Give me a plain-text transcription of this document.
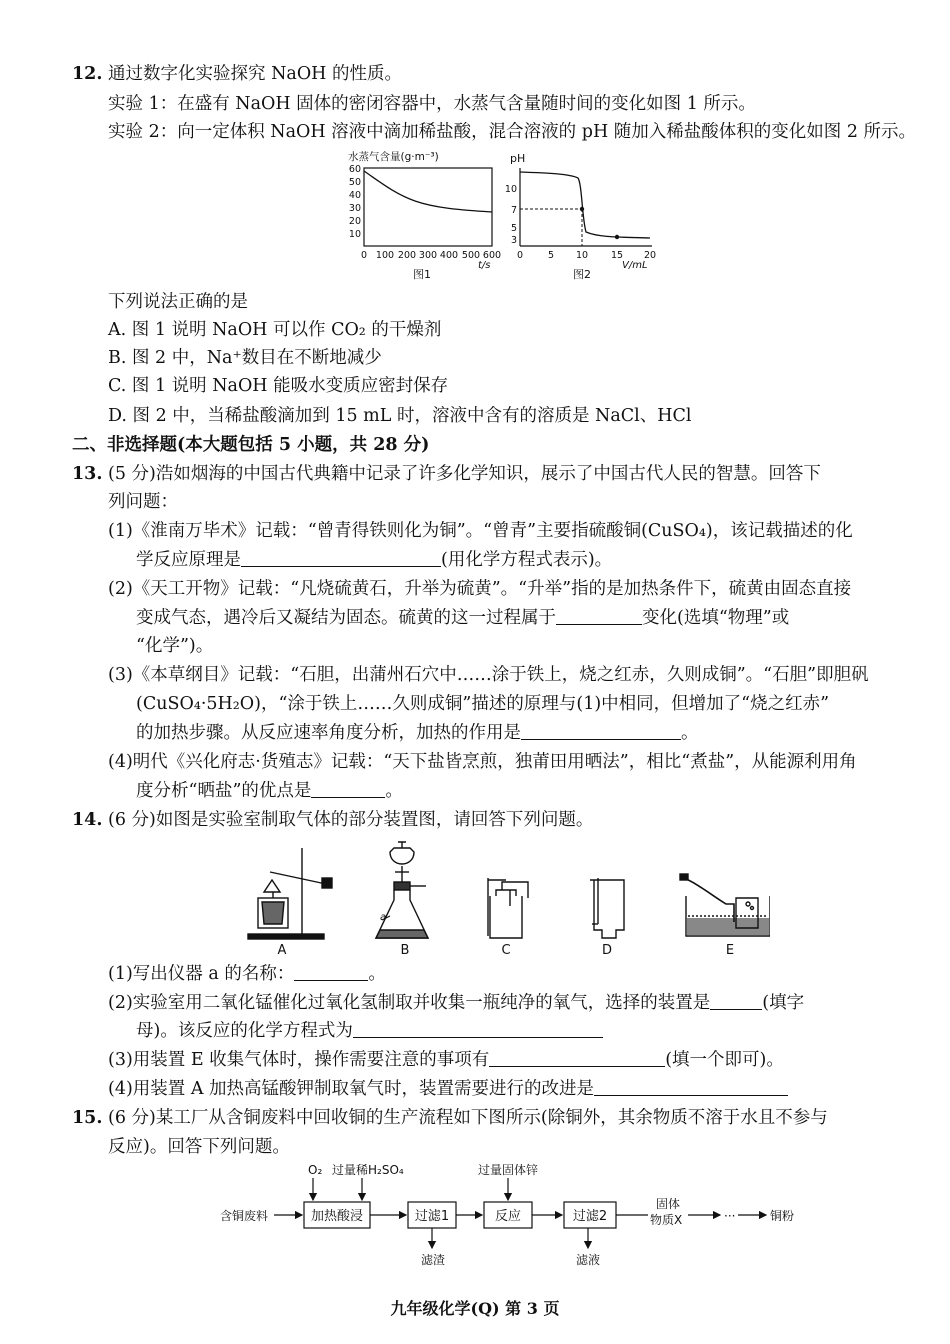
12. 通过数字化实验探究 NaOH 的性质。
实验 1：在盛有 NaOH 固体的密闭容器中，水蒸气含量随时间的变化如图 1 所示。
实验 2：向一定体积 NaOH 溶液中滴加稀盐酸，混合溶液的 pH 随加入稀盐酸体积的变化如图 2 所示。
水蒸气含量(g·m⁻³)
60
50
40
30
20
10
0 100 200 300 400 500 600
t/s
图1
pH
10
7
5
3
0	5 10 15 20
V/mL
图2
下列说法正确的是
A. 图 1 说明 NaOH 可以作 CO₂ 的干燥剂
B. 图 2 中，Na⁺数目在不断地减少
C. 图 1 说明 NaOH 能吸水变质应密封保存
D. 图 2 中，当稀盐酸滴加到 15 mL 时，溶液中含有的溶质是 NaCl、HCl
二、非选择题(本大题包括 5 小题，共 28 分)
13. (5 分)浩如烟海的中国古代典籍中记录了许多化学知识，展示了中国古代人民的智慧。回答下
列问题：
(1)《淮南万毕术》记载：“曾青得铁则化为铜”。“曾青”主要指硫酸铜(CuSO₄)，该记载描述的化
学反应原理是	(用化学方程式表示)。
(2)《天工开物》记载：“凡烧硫黄石，升举为硫黄”。“升举”指的是加热条件下，硫黄由固态直接
变成气态，遇冷后又凝结为固态。硫黄的这一过程属于	变化(选填“物理”或
“化学”)。
(3)《本草纲目》记载：“石胆，出蒲州石穴中……涂于铁上，烧之红赤，久则成铜”。“石胆”即胆矾
(CuSO₄·5H₂O)，“涂于铁上……久则成铜”描述的原理与(1)中相同，但增加了“烧之红赤”
的加热步骤。从反应速率角度分析，加热的作用是	。
(4)明代《兴化府志·货殖志》记载：“天下盐皆烹煎，独莆田用晒法”，相比“煮盐”，从能源利用角
度分析“晒盐”的优点是	。
14. (6 分)如图是实验室制取气体的部分装置图，请回答下列问题。
A
a
B	C	D	E
(1)写出仪器 a 的名称：	。
(2)实验室用二氧化锰催化过氧化氢制取并收集一瓶纯净的氧气，选择的装置是	(填字
母)。该反应的化学方程式为
(3)用装置 E 收集气体时，操作需要注意的事项有	(填一个即可)。
(4)用装置 A 加热高锰酸钾制取氧气时，装置需要进行的改进是
15. (6 分)某工厂从含铜废料中回收铜的生产流程如下图所示(除铜外，其余物质不溶于水且不参与
反应)。回答下列问题。
含铜废料
O₂ 过量稀H₂SO₄	过量固体锌
滤渣	滤液
固体
物质X	···	铜粉
加热酸浸	过滤1	反应	过滤2
九年级化学(Q) 第 3 页
